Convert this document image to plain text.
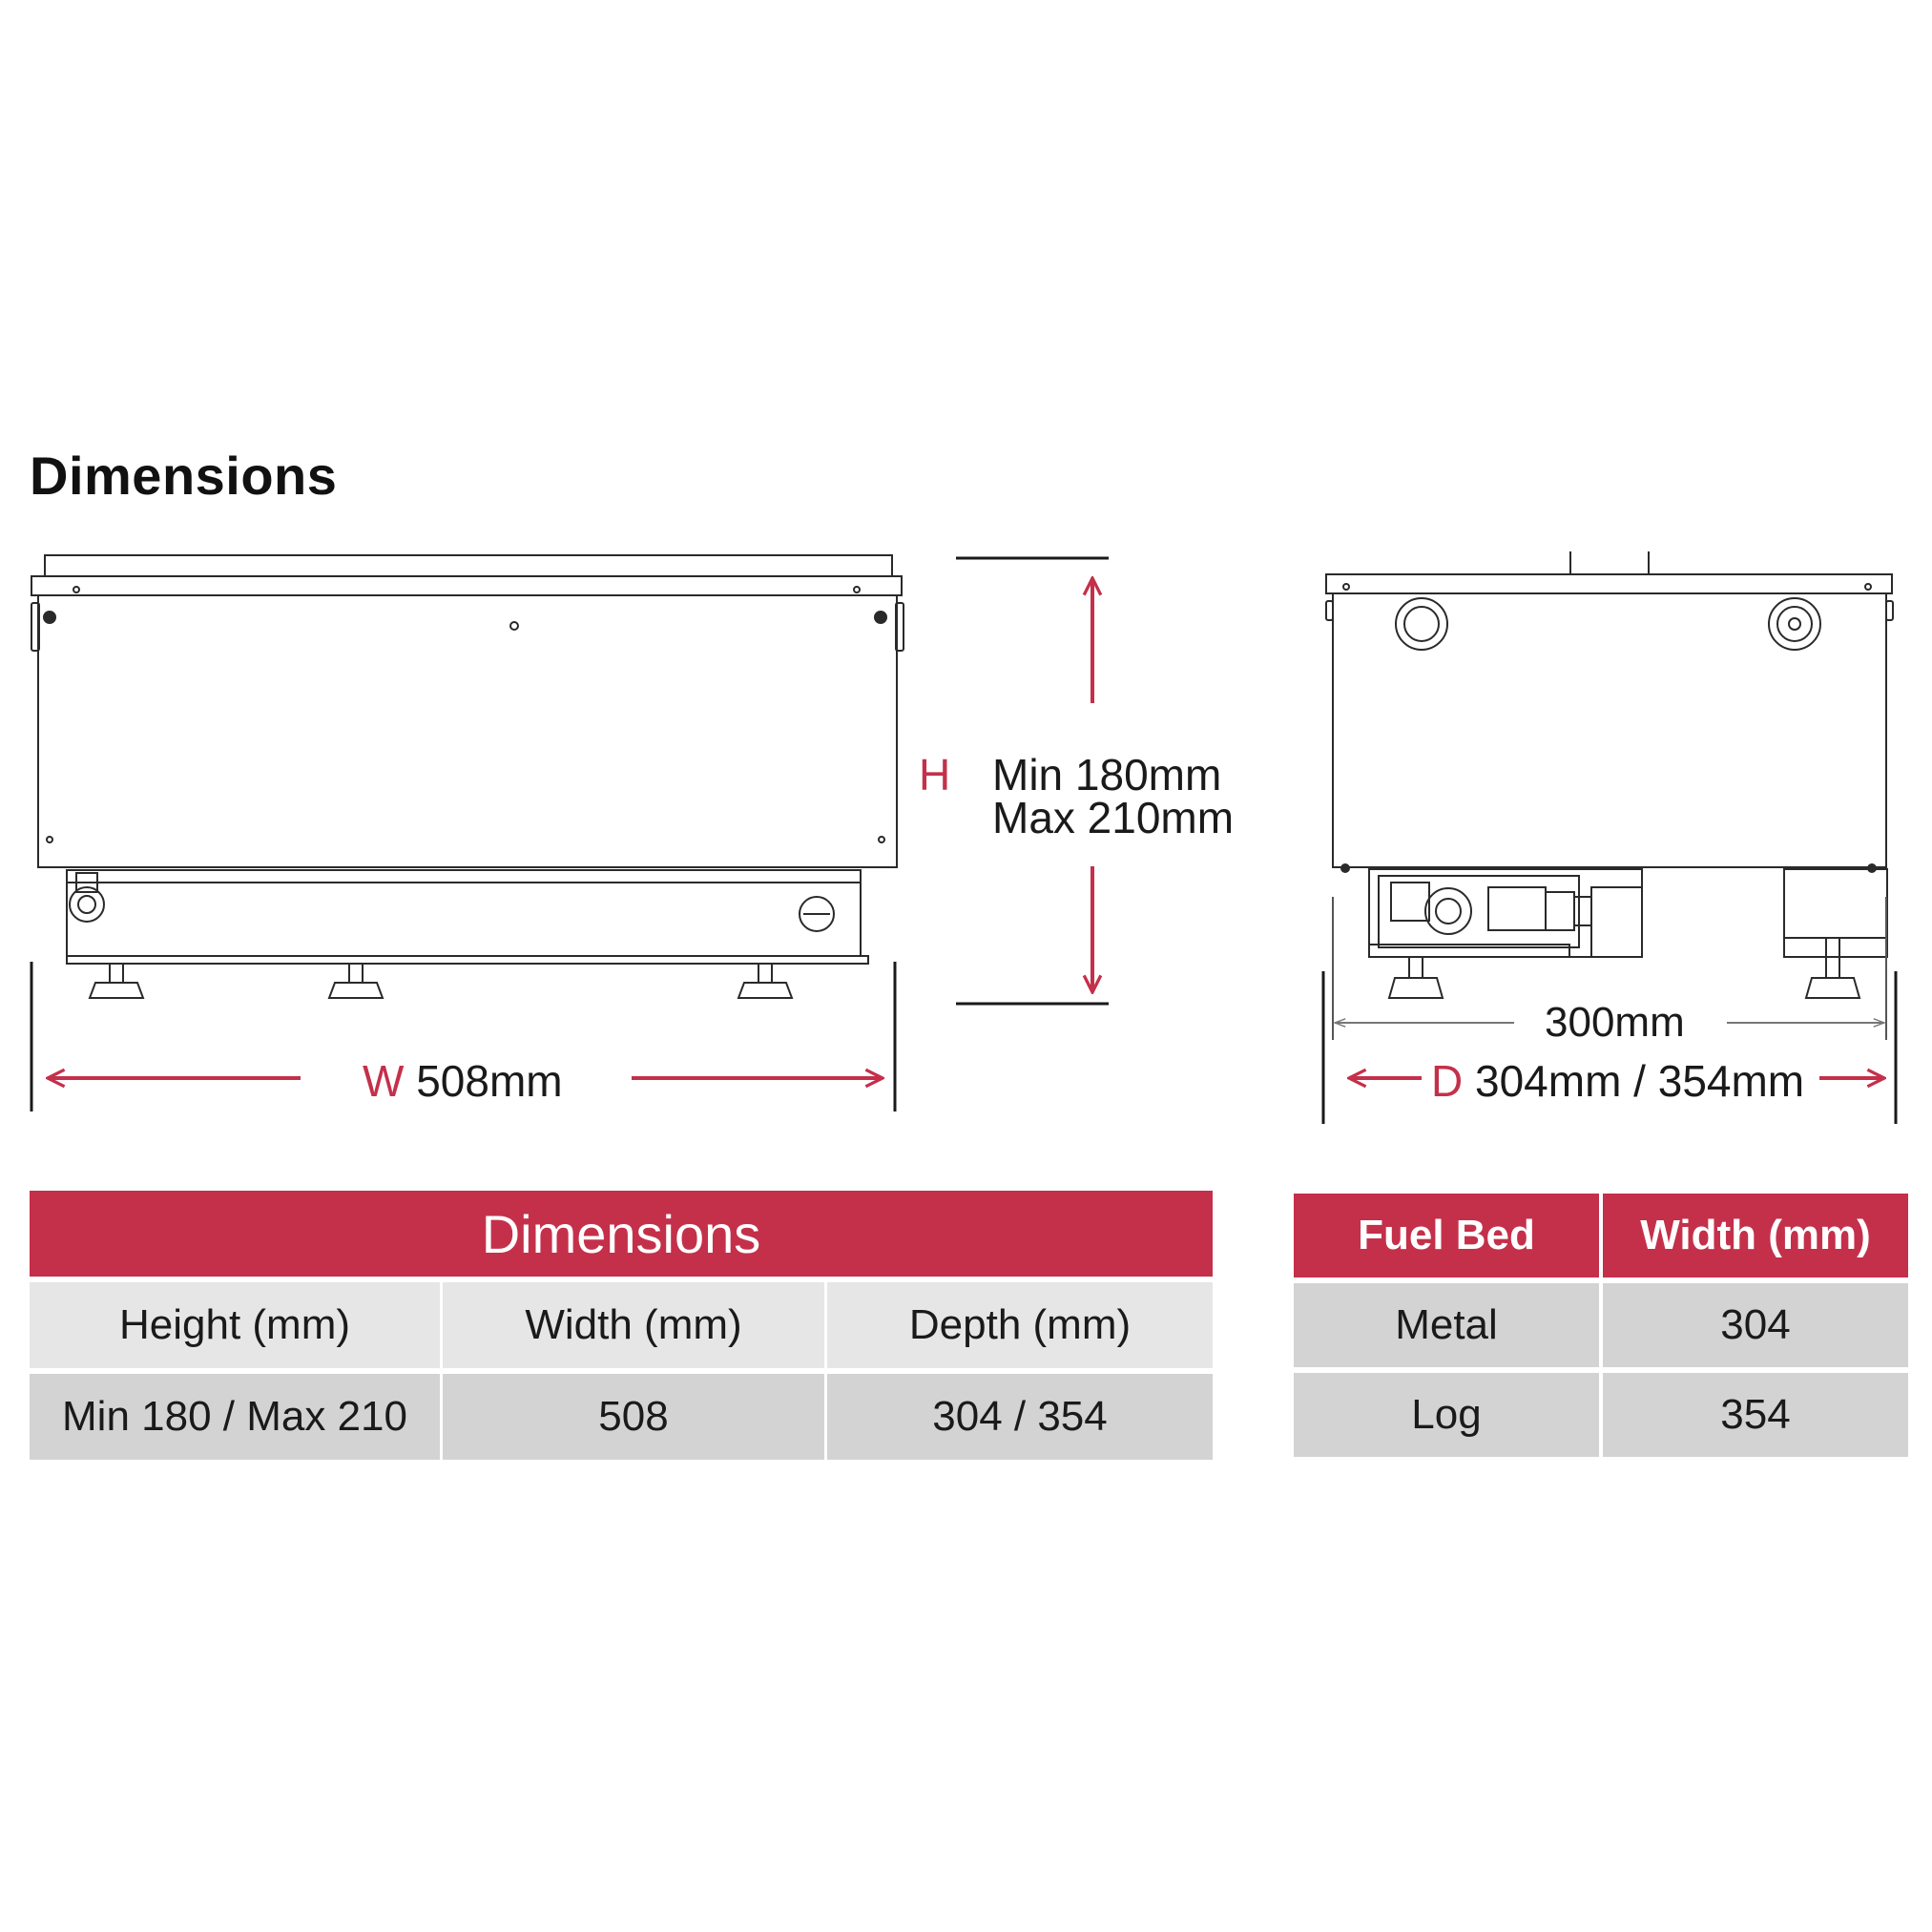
Dimensions
H Min 180mm
Max 210mm
W 508mm
300mm
D 304mm / 354mm
Dimensions
Height (mm)	Width (mm)	Depth (mm)
Min 180 / Max 210	508	304 / 354
Fuel Bed	Width (mm)
Metal	304
Log	354
